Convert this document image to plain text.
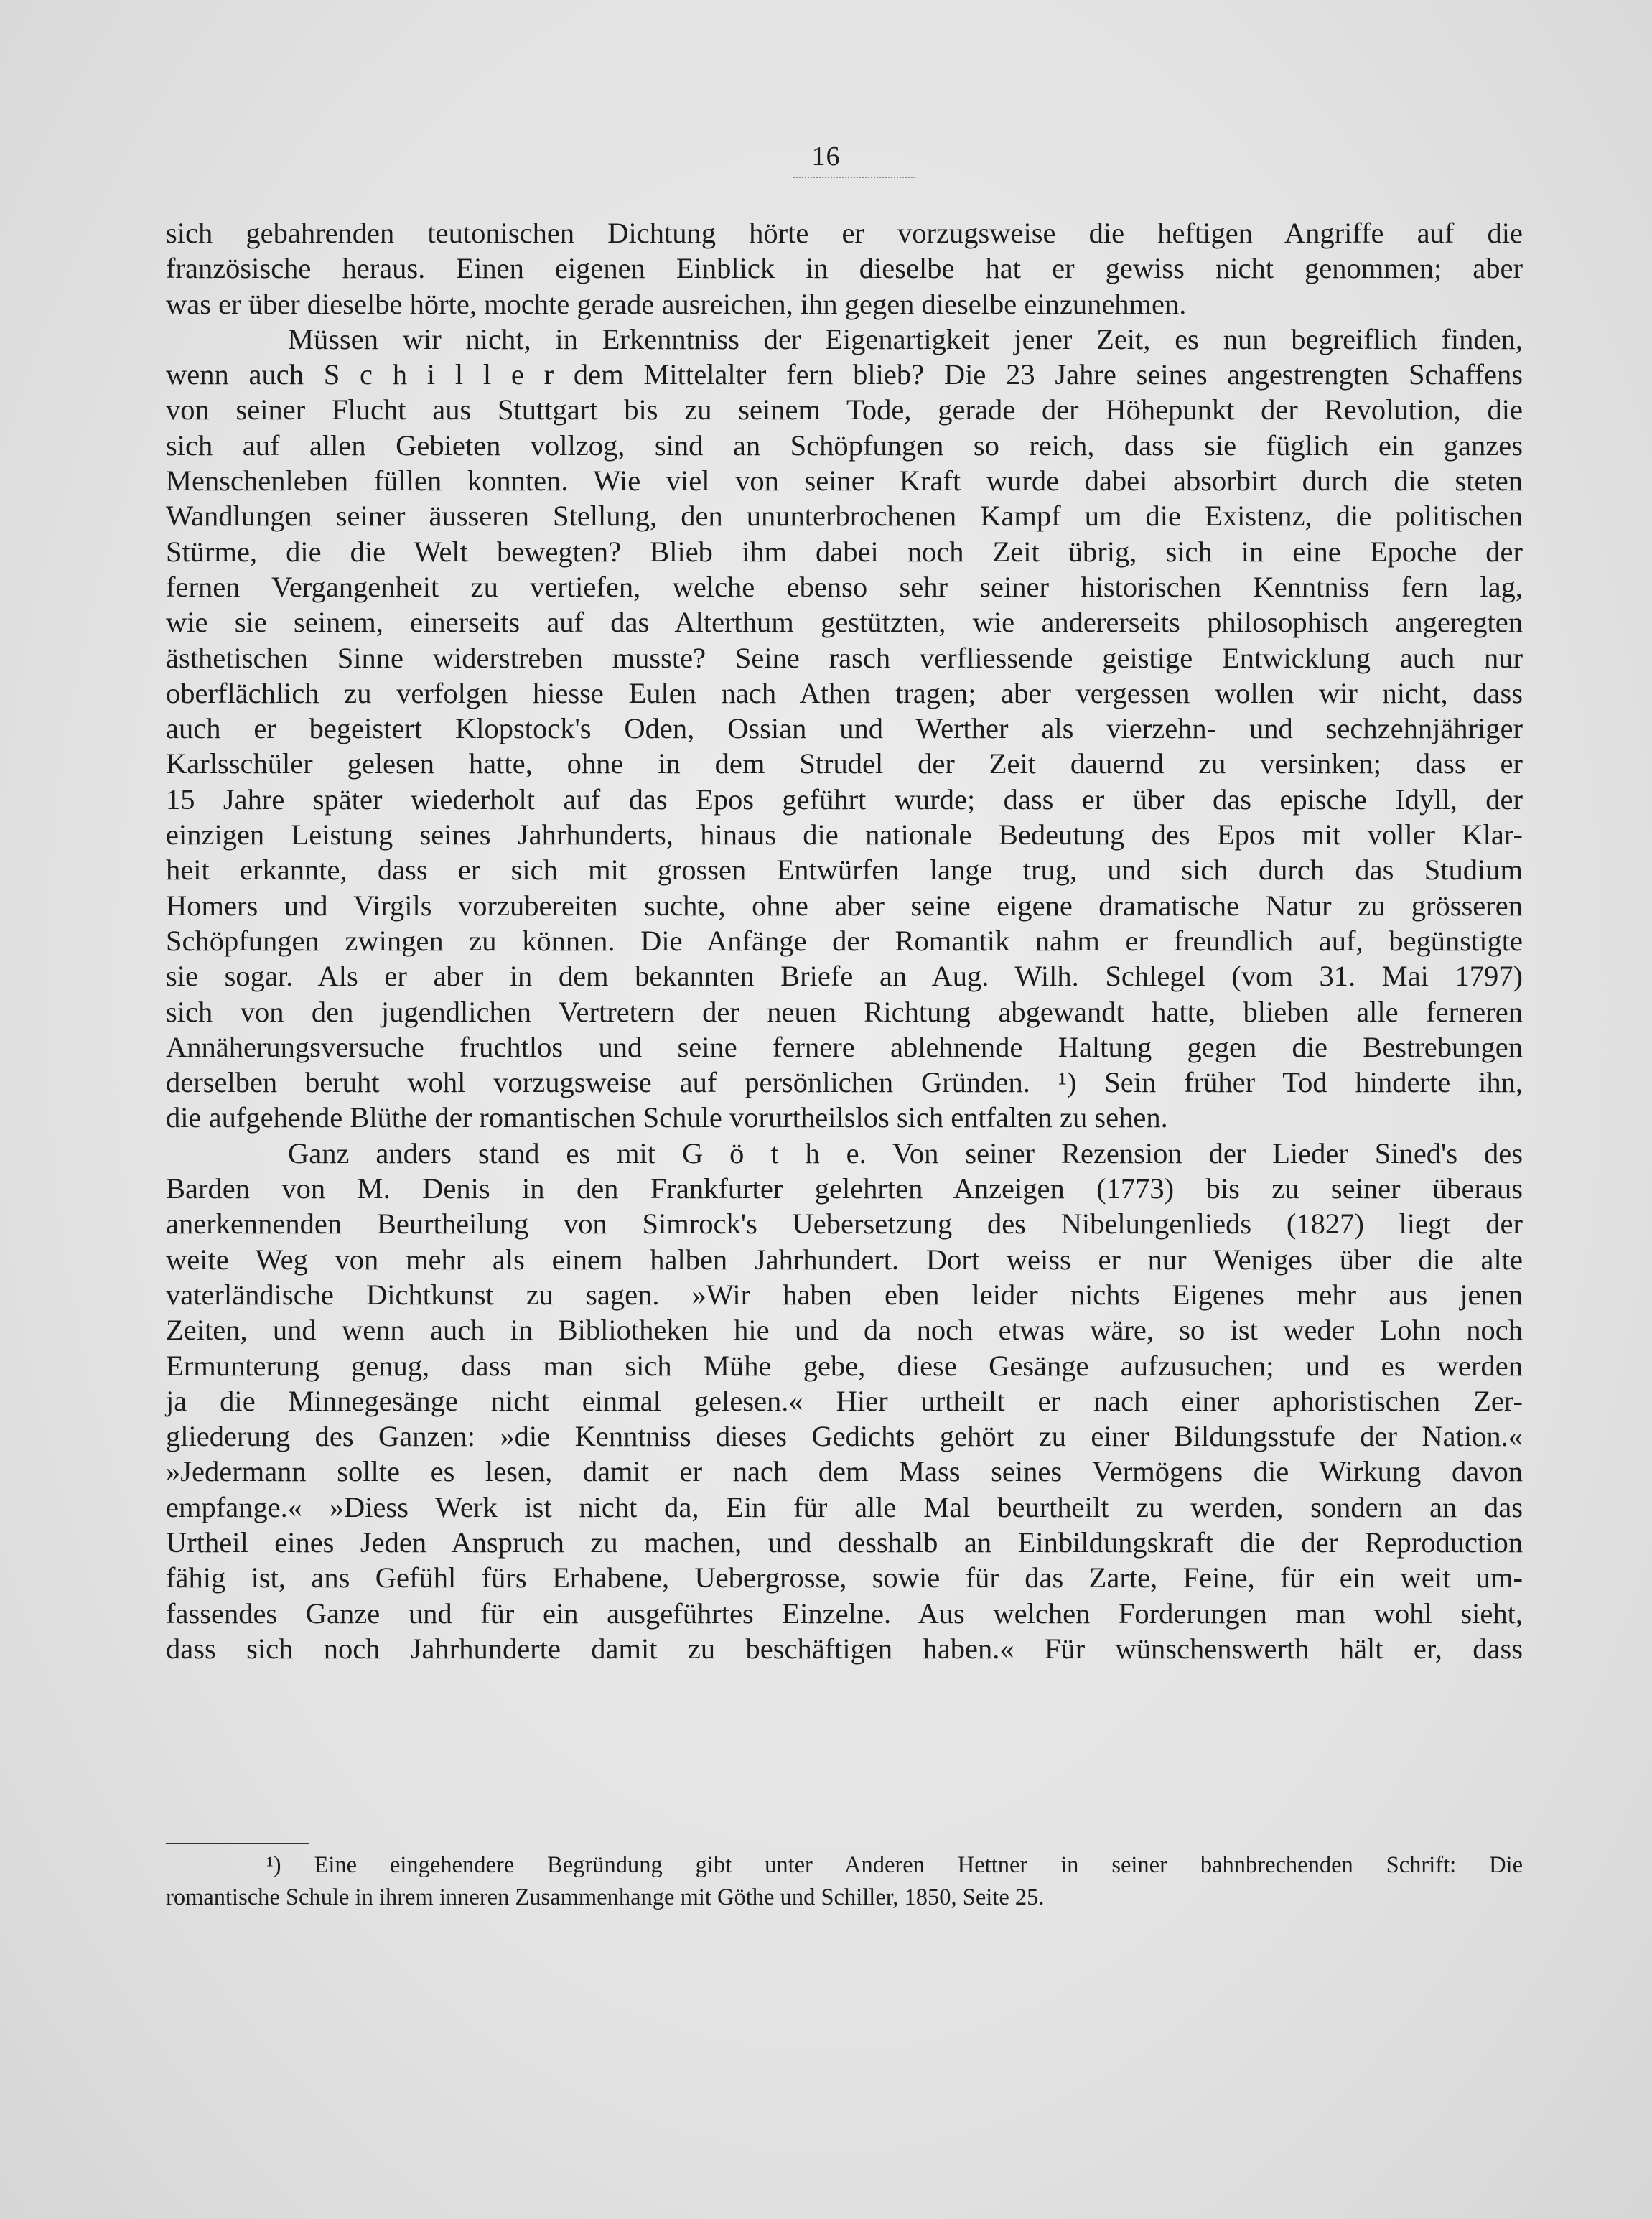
16
sich gebahrenden teutonischen Dichtung hörte er vorzugsweise die heftigen Angriffe auf die
französische heraus. Einen eigenen Einblick in dieselbe hat er gewiss nicht genommen; aber
was er über dieselbe hörte, mochte gerade ausreichen, ihn gegen dieselbe einzunehmen.
Müssen wir nicht, in Erkenntniss der Eigenartigkeit jener Zeit, es nun begreiflich finden,
wenn auch S c h i l l e r dem Mittelalter fern blieb? Die 23 Jahre seines angestrengten Schaffens
von seiner Flucht aus Stuttgart bis zu seinem Tode, gerade der Höhepunkt der Revolution, die
sich auf allen Gebieten vollzog, sind an Schöpfungen so reich, dass sie füglich ein ganzes
Menschenleben füllen konnten. Wie viel von seiner Kraft wurde dabei absorbirt durch die steten
Wandlungen seiner äusseren Stellung, den ununterbrochenen Kampf um die Existenz, die politischen
Stürme, die die Welt bewegten? Blieb ihm dabei noch Zeit übrig, sich in eine Epoche der
fernen Vergangenheit zu vertiefen, welche ebenso sehr seiner historischen Kenntniss fern lag,
wie sie seinem, einerseits auf das Alterthum gestützten, wie andererseits philosophisch angeregten
ästhetischen Sinne widerstreben musste? Seine rasch verfliessende geistige Entwicklung auch nur
oberflächlich zu verfolgen hiesse Eulen nach Athen tragen; aber vergessen wollen wir nicht, dass
auch er begeistert Klopstock's Oden, Ossian und Werther als vierzehn- und sechzehnjähriger
Karlsschüler gelesen hatte, ohne in dem Strudel der Zeit dauernd zu versinken; dass er
15 Jahre später wiederholt auf das Epos geführt wurde; dass er über das epische Idyll, der
einzigen Leistung seines Jahrhunderts, hinaus die nationale Bedeutung des Epos mit voller Klar-
heit erkannte, dass er sich mit grossen Entwürfen lange trug, und sich durch das Studium
Homers und Virgils vorzubereiten suchte, ohne aber seine eigene dramatische Natur zu grösseren
Schöpfungen zwingen zu können. Die Anfänge der Romantik nahm er freundlich auf, begünstigte
sie sogar. Als er aber in dem bekannten Briefe an Aug. Wilh. Schlegel (vom 31. Mai 1797)
sich von den jugendlichen Vertretern der neuen Richtung abgewandt hatte, blieben alle ferneren
Annäherungsversuche fruchtlos und seine fernere ablehnende Haltung gegen die Bestrebungen
derselben beruht wohl vorzugsweise auf persönlichen Gründen. ¹) Sein früher Tod hinderte ihn,
die aufgehende Blüthe der romantischen Schule vorurtheilslos sich entfalten zu sehen.
Ganz anders stand es mit G ö t h e. Von seiner Rezension der Lieder Sined's des
Barden von M. Denis in den Frankfurter gelehrten Anzeigen (1773) bis zu seiner überaus
anerkennenden Beurtheilung von Simrock's Uebersetzung des Nibelungenlieds (1827) liegt der
weite Weg von mehr als einem halben Jahrhundert. Dort weiss er nur Weniges über die alte
vaterländische Dichtkunst zu sagen. »Wir haben eben leider nichts Eigenes mehr aus jenen
Zeiten, und wenn auch in Bibliotheken hie und da noch etwas wäre, so ist weder Lohn noch
Ermunterung genug, dass man sich Mühe gebe, diese Gesänge aufzusuchen; und es werden
ja die Minnegesänge nicht einmal gelesen.« Hier urtheilt er nach einer aphoristischen Zer-
gliederung des Ganzen: »die Kenntniss dieses Gedichts gehört zu einer Bildungsstufe der Nation.«
»Jedermann sollte es lesen, damit er nach dem Mass seines Vermögens die Wirkung davon
empfange.« »Diess Werk ist nicht da, Ein für alle Mal beurtheilt zu werden, sondern an das
Urtheil eines Jeden Anspruch zu machen, und desshalb an Einbildungskraft die der Reproduction
fähig ist, ans Gefühl fürs Erhabene, Uebergrosse, sowie für das Zarte, Feine, für ein weit um-
fassendes Ganze und für ein ausgeführtes Einzelne. Aus welchen Forderungen man wohl sieht,
dass sich noch Jahrhunderte damit zu beschäftigen haben.« Für wünschenswerth hält er, dass
¹) Eine eingehendere Begründung gibt unter Anderen Hettner in seiner bahnbrechenden Schrift: Die
romantische Schule in ihrem inneren Zusammenhange mit Göthe und Schiller, 1850, Seite 25.
